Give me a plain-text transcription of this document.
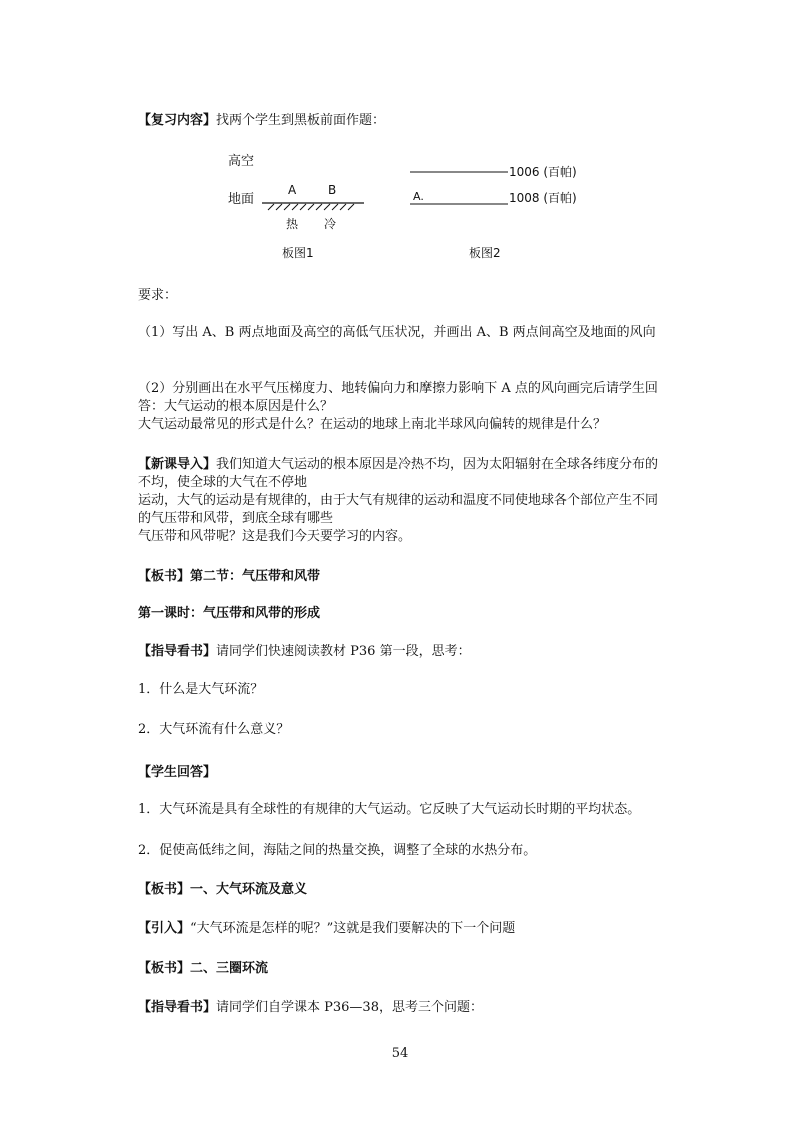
【复习内容】找两个学生到黑板前面作题：

高空
地面
A	B
热 冷
板图1
1006 (百帕)
A.	1008 (百帕)
板图2

要求：

（1）写出 A、B 两点地面及高空的高低气压状况，并画出 A、B 两点间高空及地面的风向

（2）分别画出在水平气压梯度力、地转偏向力和摩擦力影响下 A 点的风向画完后请学生回答：大气运动的根本原因是什么？
大气运动最常见的形式是什么？在运动的地球上南北半球风向偏转的规律是什么？

【新课导入】我们知道大气运动的根本原因是冷热不均，因为太阳辐射在全球各纬度分布的不均，使全球的大气在不停地
运动，大气的运动是有规律的，由于大气有规律的运动和温度不同使地球各个部位产生不同的气压带和风带，到底全球有哪些
气压带和风带呢？这是我们今天要学习的内容。

【板书】第二节：气压带和风带

第一课时：气压带和风带的形成

【指导看书】请同学们快速阅读教材 P36 第一段，思考：

1．什么是大气环流？

2．大气环流有什么意义？

【学生回答】

1．大气环流是具有全球性的有规律的大气运动。它反映了大气运动长时期的平均状态。

2．促使高低纬之间，海陆之间的热量交换，调整了全球的水热分布。

【板书】一、大气环流及意义

【引入】“大气环流是怎样的呢？”这就是我们要解决的下一个问题

【板书】二、三圈环流

【指导看书】请同学们自学课本 P36—38，思考三个问题：

54
